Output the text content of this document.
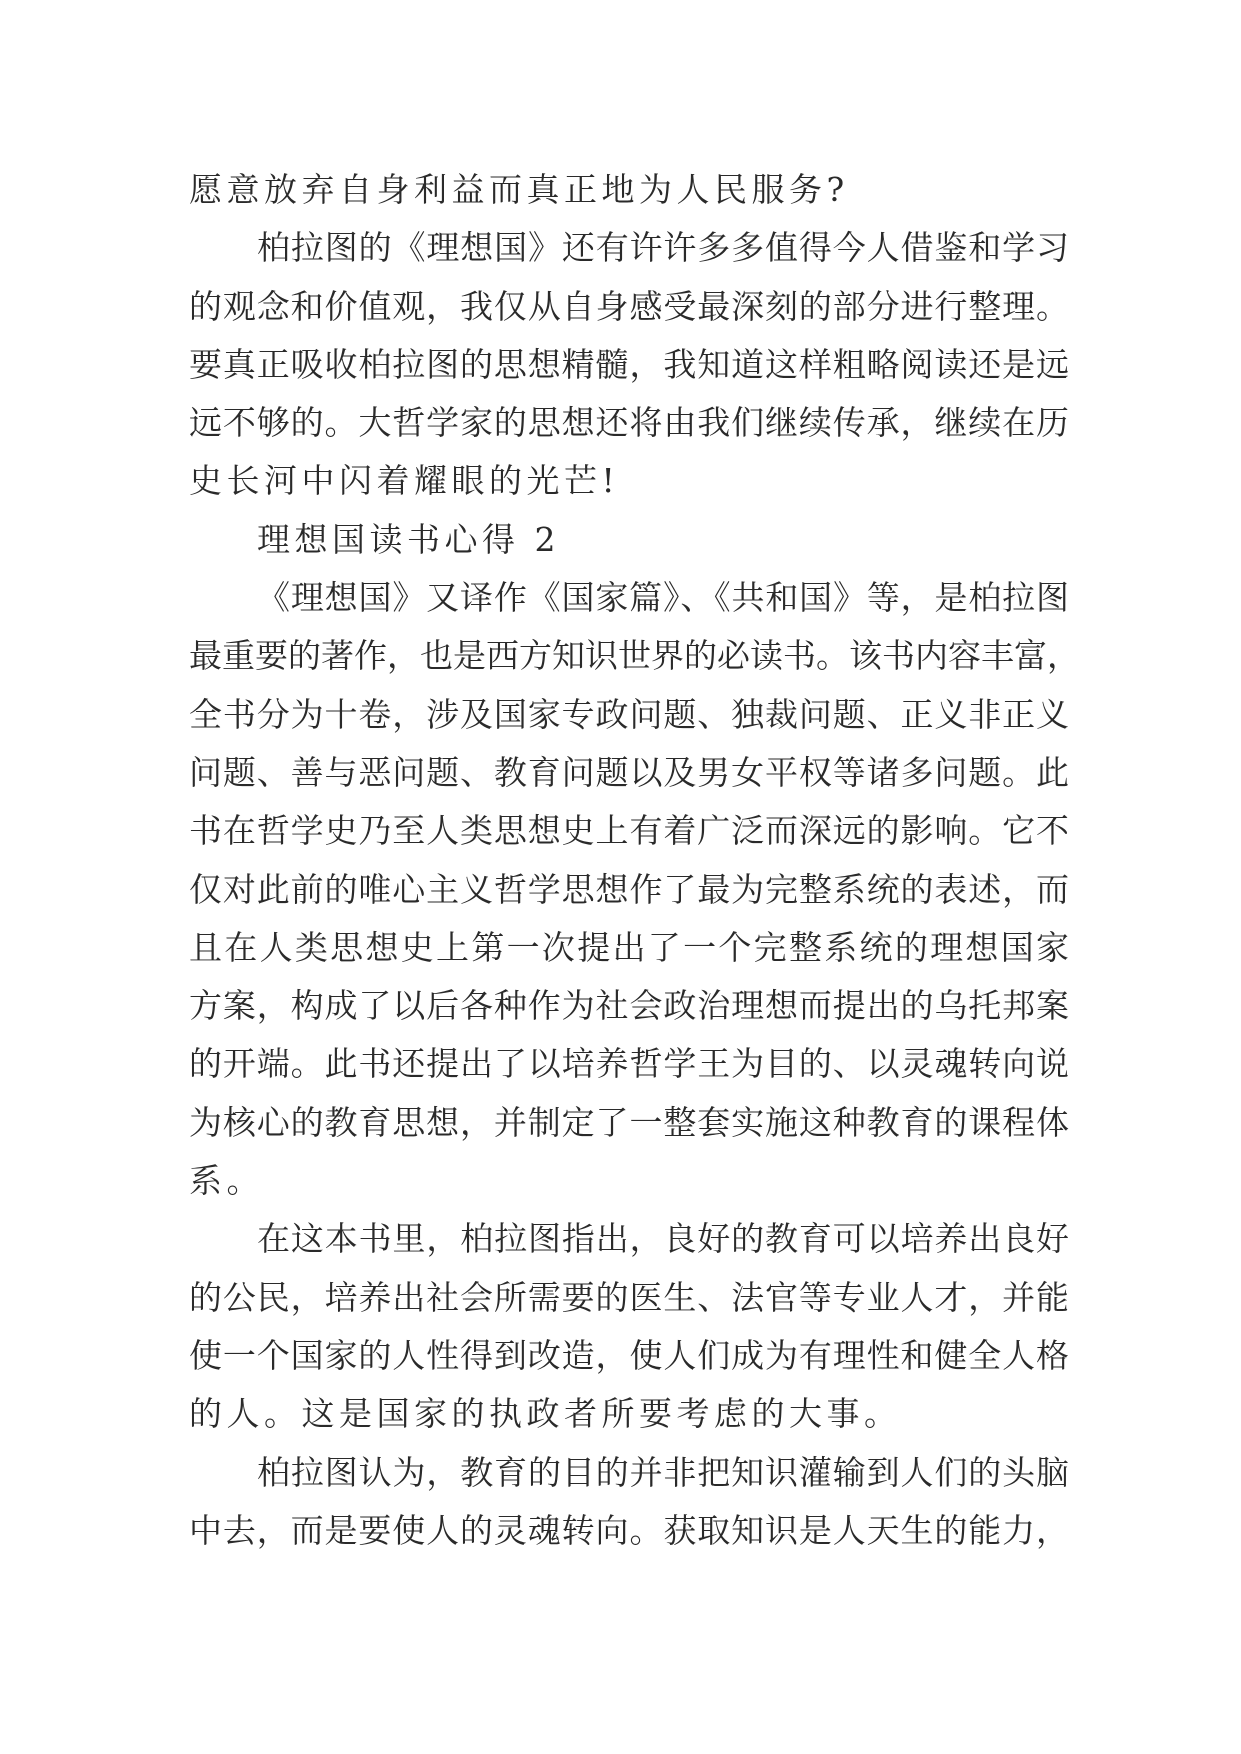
愿意放弃自身利益而真正地为人民服务?
柏拉图的《理想国》还有许许多多值得今人借鉴和学习
的观念和价值观，我仅从自身感受最深刻的部分进行整理。
要真正吸收柏拉图的思想精髓，我知道这样粗略阅读还是远
远不够的。大哲学家的思想还将由我们继续传承，继续在历
史长河中闪着耀眼的光芒!
理想国读书心得 2
《理想国》又译作《国家篇》、《共和国》等，是柏拉图
最重要的著作，也是西方知识世界的必读书。该书内容丰富，
全书分为十卷，涉及国家专政问题、独裁问题、正义非正义
问题、善与恶问题、教育问题以及男女平权等诸多问题。此
书在哲学史乃至人类思想史上有着广泛而深远的影响。它不
仅对此前的唯心主义哲学思想作了最为完整系统的表述，而
且在人类思想史上第一次提出了一个完整系统的理想国家
方案，构成了以后各种作为社会政治理想而提出的乌托邦案
的开端。此书还提出了以培养哲学王为目的、以灵魂转向说
为核心的教育思想，并制定了一整套实施这种教育的课程体
系。
在这本书里，柏拉图指出，良好的教育可以培养出良好
的公民，培养出社会所需要的医生、法官等专业人才，并能
使一个国家的人性得到改造，使人们成为有理性和健全人格
的人。这是国家的执政者所要考虑的大事。
柏拉图认为，教育的目的并非把知识灌输到人们的头脑
中去，而是要使人的灵魂转向。获取知识是人天生的能力，
